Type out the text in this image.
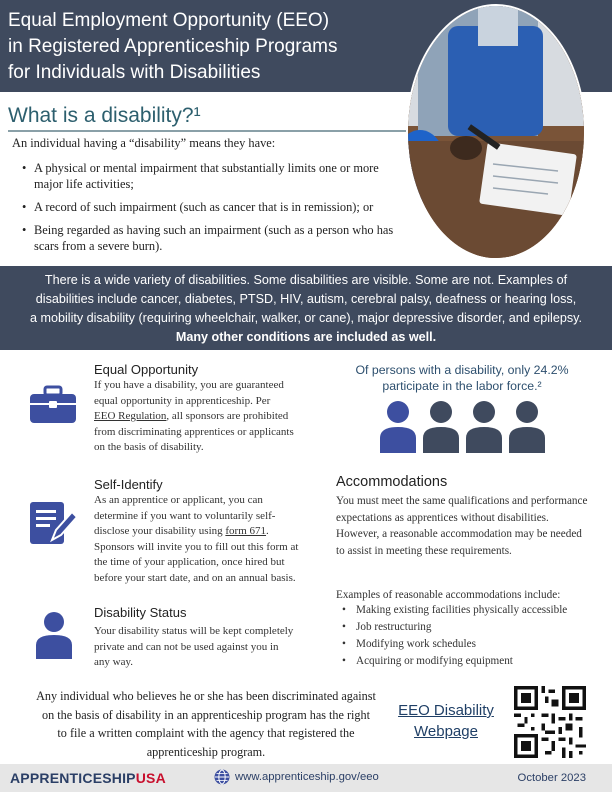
Equal Employment Opportunity (EEO)
in Registered Apprenticeship Programs
for Individuals with Disabilities
What is a disability?¹
An individual having a “disability” means they have:
• A physical or mental impairment that substantially limits one or more major life activities;
• A record of such impairment (such as cancer that is in remission); or
• Being regarded as having such an impairment (such as a person who has scars from a severe burn).
There is a wide variety of disabilities. Some disabilities are visible. Some are not. Examples of
disabilities include cancer, diabetes, PTSD, HIV, autism, cerebral palsy, deafness or hearing loss,
a mobility disability (requiring wheelchair, walker, or cane), major depressive disorder, and epilepsy.
Many other conditions are included as well.
Equal Opportunity
If you have a disability, you are guaranteed equal opportunity in apprenticeship. Per EEO Regulation, all sponsors are prohibited from discriminating apprentices or applicants on the basis of disability.
Self-Identify
As an apprentice or applicant, you can determine if you want to voluntarily self-disclose your disability using form 671. Sponsors will invite you to fill out this form at the time of your application, once hired but before your start date, and on an annual basis.
Disability Status
Your disability status will be kept completely private and can not be used against you in any way.
Of persons with a disability, only 24.2% participate in the labor force.²
Accommodations
You must meet the same qualifications and performance expectations as apprentices without disabilities. However, a reasonable accommodation may be needed to assist in meeting these requirements.
Examples of reasonable accommodations include:
• Making existing facilities physically accessible
• Job restructuring
• Modifying work schedules
• Acquiring or modifying equipment
Any individual who believes he or she has been discriminated against on the basis of disability in an apprenticeship program has the right to file a written complaint with the agency that registered the apprenticeship program.
EEO Disability
Webpage
APPRENTICESHIPUSA	www.apprenticeship.gov/eeo	October 2023
